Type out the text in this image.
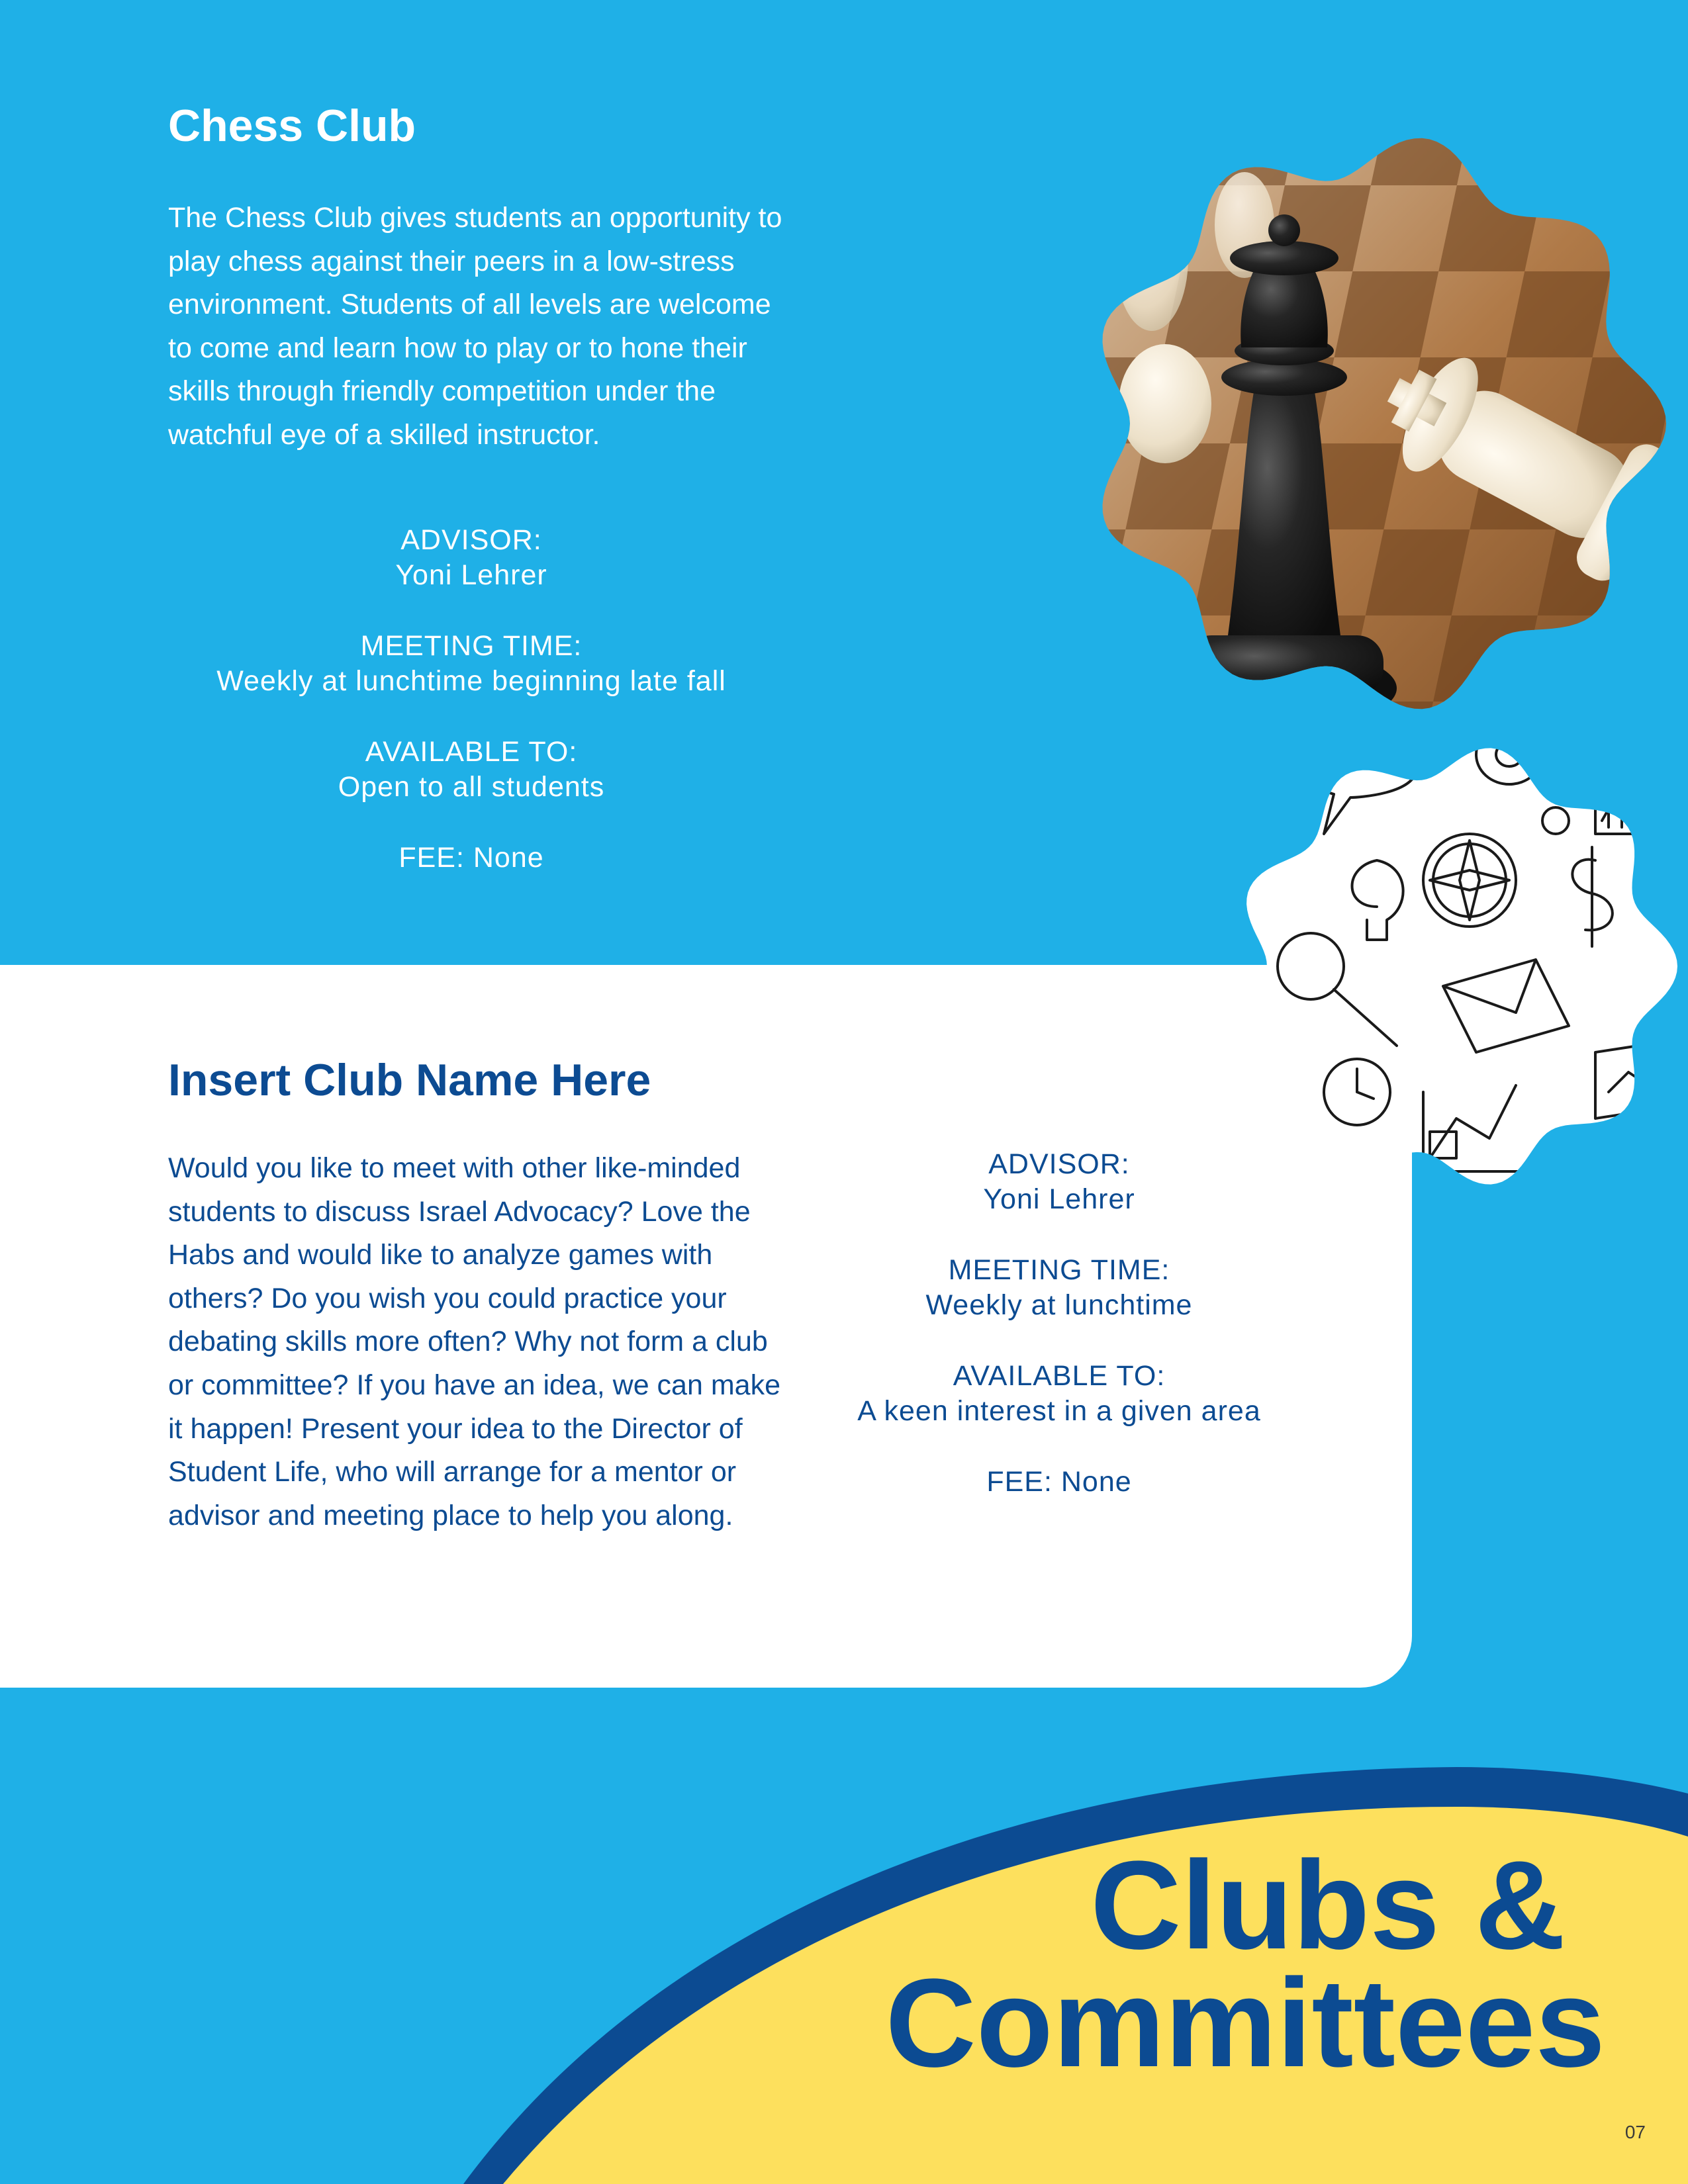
Chess Club

The Chess Club gives students an opportunity to play chess against their peers in a low-stress environment. Students of all levels are welcome to come and learn how to play or to hone their skills through friendly competition under the watchful eye of a skilled instructor.

ADVISOR:
Yoni Lehrer
MEETING TIME:
Weekly at lunchtime beginning late fall
AVAILABLE TO:
Open to all students
FEE: None
Insert Club Name Here

Would you like to meet with other like-minded students to discuss Israel Advocacy? Love the Habs and would like to analyze games with others? Do you wish you could practice your debating skills more often? Why not form a club or committee? If you have an idea, we can make it happen! Present your idea to the Director of Student Life, who will arrange for a mentor or advisor and meeting place to help you along.

ADVISOR:
Yoni Lehrer
MEETING TIME:
Weekly at lunchtime
AVAILABLE TO:
A keen interest in a given area
FEE: None
Clubs &
Committees
07
